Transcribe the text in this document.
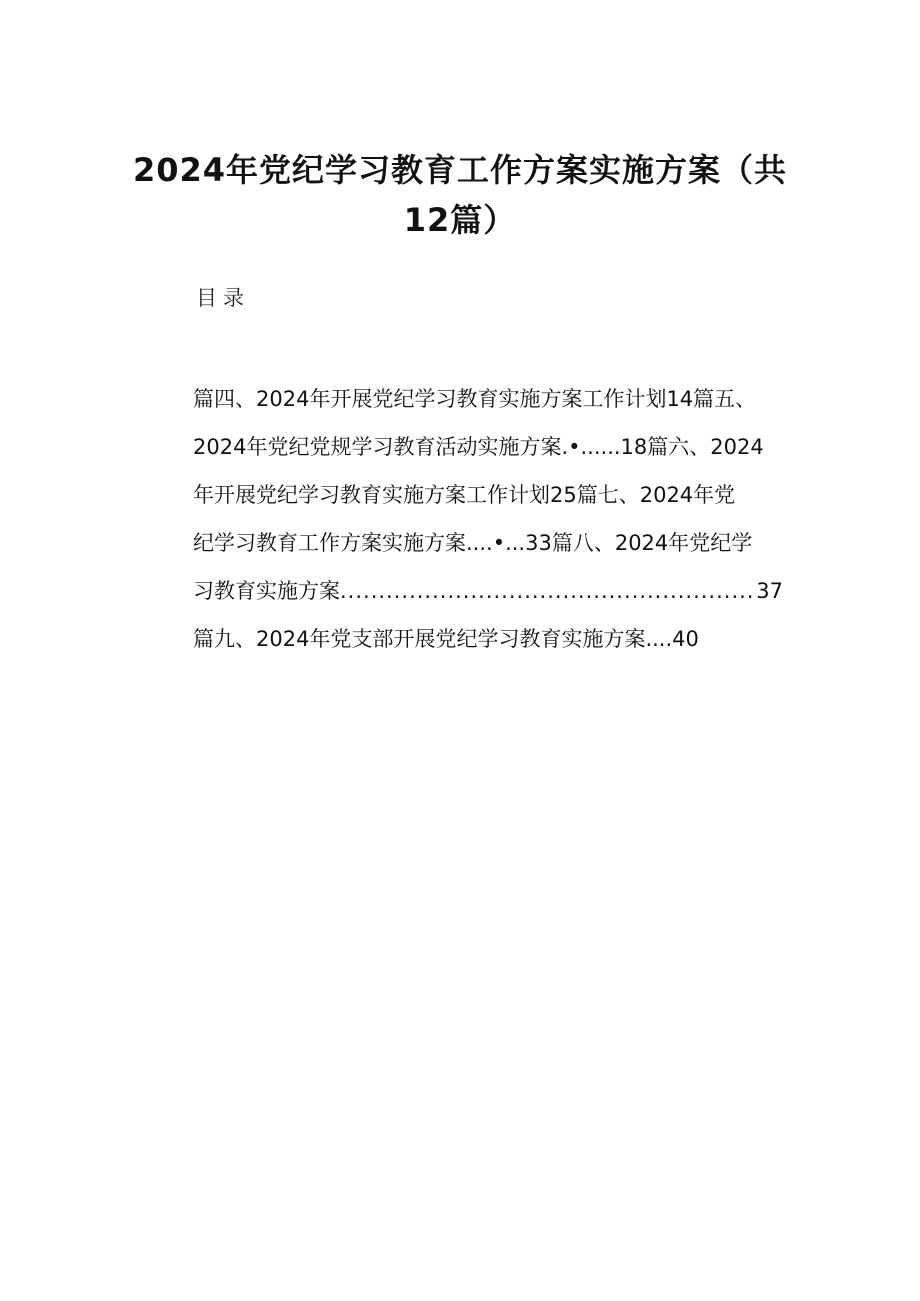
2024年党纪学习教育工作方案实施方案（共
12篇）
目录
篇四、2024年开展党纪学习教育实施方案工作计划14篇五、
2024年党纪党规学习教育活动实施方案.•......18篇六、2024
年开展党纪学习教育实施方案工作计划25篇七、2024年党
纪学习教育工作方案实施方案....•...33篇八、2024年党纪学
习教育实施方案
.....	37
篇九、2024年党支部开展党纪学习教育实施方案....40
